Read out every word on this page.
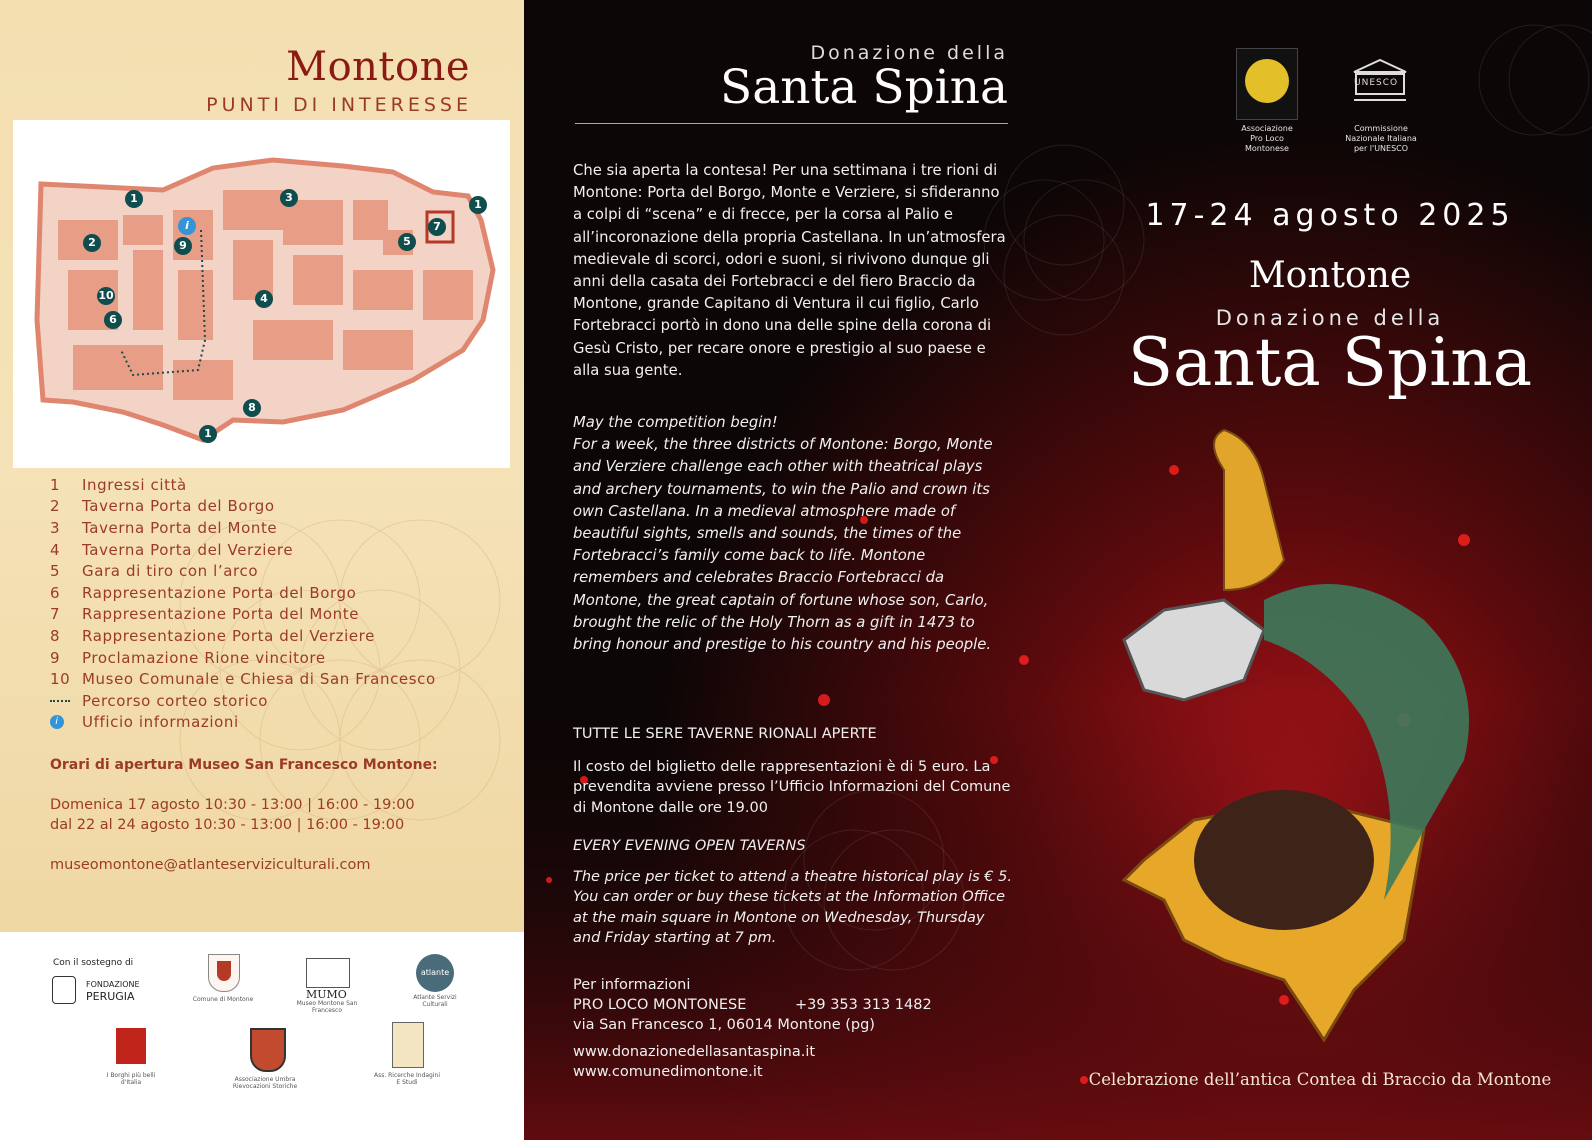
Montone
PUNTI DI INTERESSE
1	1
1
2
3
4
5
6
7
8
9
10
i
1	Ingressi città
2	Taverna Porta del Borgo
3	Taverna Porta del Monte
4	Taverna Porta del Verziere
5	Gara di tiro con l’arco
6	Rappresentazione Porta del Borgo
7	Rappresentazione Porta del Monte
8	Rappresentazione Porta del Verziere
9	Proclamazione Rione vincitore
10 Museo Comunale e Chiesa di San Francesco
Percorso corteo storico
i	Ufficio informazioni
Orari di apertura Museo San Francesco Montone:
Domenica 17 agosto 10:30 - 13:00 | 16:00 - 19:00
dal 22 al 24 agosto 10:30 - 13:00 | 16:00 - 19:00
museomontone@atlanteserviziculturali.com
Con il sostegno di
FONDAZIONE
PERUGIA	Comune di Montone	MUMO
Museo Montone San Francesco
atlante
Atlante Servizi Culturali
I Borghi più belli d'Italia	Associazione Umbra Rievocazioni Storiche
Ass. Ricerche Indagini E Studi
Donazione della
Santa Spina
Che sia aperta la contesa! Per una settimana i tre rioni di Montone: Porta del Borgo, Monte e Verziere, si sfideranno a colpi di “scena” e di frecce, per la corsa al Palio e all’incoronazione della propria Castellana. In un’atmosfera medievale di scorci, odori e suoni, si rivivono dunque gli anni della casata dei Fortebracci e del fiero Braccio da Montone, grande Capitano di Ventura il cui figlio, Carlo Fortebracci portò in dono una delle spine della corona di Gesù Cristo, per recare onore e prestigio al suo paese e alla sua gente.
May the competition begin!
For a week, the three districts of Montone: Borgo, Monte and Verziere challenge each other with theatrical plays and archery tournaments, to win the Palio and crown its own Castellana. In a medieval atmosphere made of beautiful sights, smells and sounds, the times of the Fortebracci’s family come back to life. Montone remembers and celebrates Braccio Fortebracci da Montone, the great captain of fortune whose son, Carlo, brought the relic of the Holy Thorn as a gift in 1473 to bring honour and prestige to his country and his people.
TUTTE LE SERE TAVERNE RIONALI APERTE
Il costo del biglietto delle rappresentazioni è di 5 euro. La prevendita avviene presso l’Ufficio Informazioni del Comune di Montone dalle ore 19.00
EVERY EVENING OPEN TAVERNS
The price per ticket to attend a theatre historical play is € 5. You can order or buy these tickets at the Information Office at the main square in Montone on Wednesday, Thursday and Friday starting at 7 pm.
Per informazioni
PRO LOCO MONTONESE	+39 353 313 1482
via San Francesco 1, 06014 Montone (pg)
www.donazionedellasantaspina.it
www.comunedimontone.it
Associazione
Pro Loco
Montonese
UNESCO
Commissione
Nazionale Italiana
per l'UNESCO
17-24 agosto 2025
Montone
Donazione della
Santa Spina
Celebrazione dell’antica Contea di Braccio da Montone
